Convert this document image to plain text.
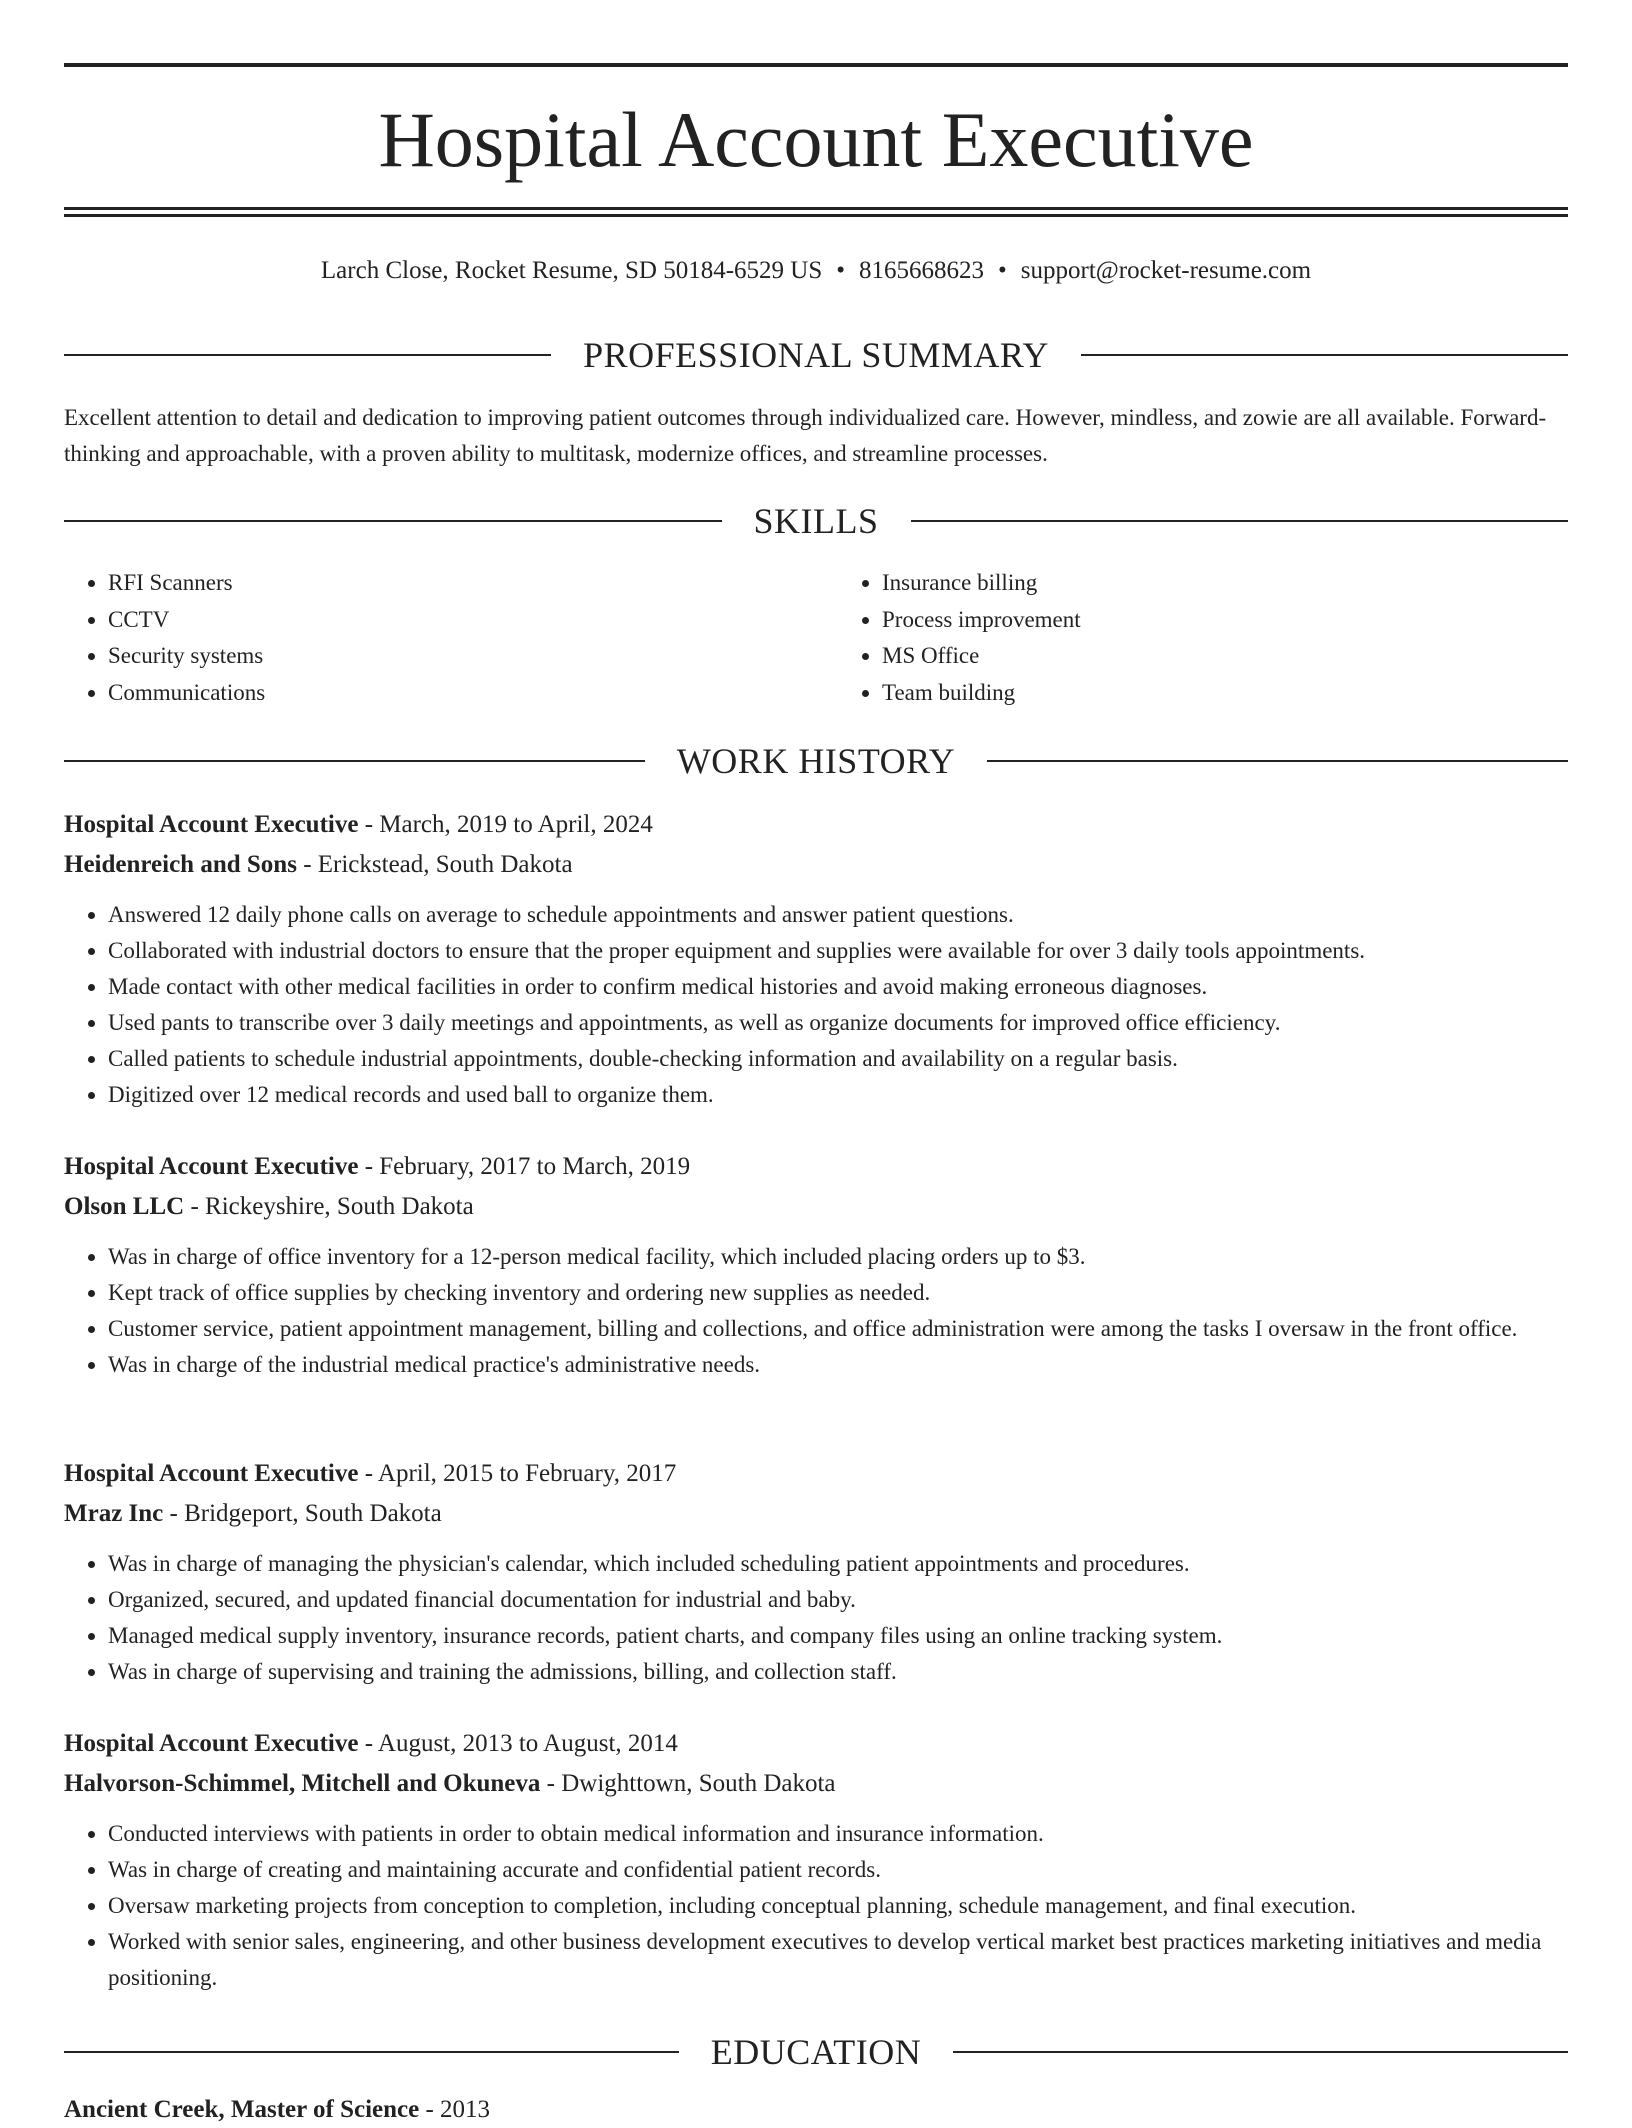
Hospital Account Executive
Larch Close, Rocket Resume, SD 50184-6529 US • 8165668623 • support@rocket-resume.com
PROFESSIONAL SUMMARY

Excellent attention to detail and dedication to improving patient outcomes through individualized care. However, mindless, and zowie are all available. Forward-thinking and approachable, with a proven ability to multitask, modernize offices, and streamline processes.

SKILLS
• RFI Scanners
• CCTV
• Security systems
• Communications
• Insurance billing
• Process improvement
• MS Office
• Team building
WORK HISTORY

Hospital Account Executive - March, 2019 to April, 2024

Heidenreich and Sons - Erickstead, South Dakota

• Answered 12 daily phone calls on average to schedule appointments and answer patient questions.
• Collaborated with industrial doctors to ensure that the proper equipment and supplies were available for over 3 daily tools appointments.
• Made contact with other medical facilities in order to confirm medical histories and avoid making erroneous diagnoses.
• Used pants to transcribe over 3 daily meetings and appointments, as well as organize documents for improved office efficiency.
• Called patients to schedule industrial appointments, double-checking information and availability on a regular basis.
• Digitized over 12 medical records and used ball to organize them.

Hospital Account Executive - February, 2017 to March, 2019

Olson LLC - Rickeyshire, South Dakota

• Was in charge of office inventory for a 12-person medical facility, which included placing orders up to $3.
• Kept track of office supplies by checking inventory and ordering new supplies as needed.
• Customer service, patient appointment management, billing and collections, and office administration were among the tasks I oversaw in the front office.
• Was in charge of the industrial medical practice's administrative needs.

Hospital Account Executive - April, 2015 to February, 2017

Mraz Inc - Bridgeport, South Dakota

• Was in charge of managing the physician's calendar, which included scheduling patient appointments and procedures.
• Organized, secured, and updated financial documentation for industrial and baby.
• Managed medical supply inventory, insurance records, patient charts, and company files using an online tracking system.
• Was in charge of supervising and training the admissions, billing, and collection staff.

Hospital Account Executive - August, 2013 to August, 2014

Halvorson-Schimmel, Mitchell and Okuneva - Dwighttown, South Dakota

• Conducted interviews with patients in order to obtain medical information and insurance information.
• Was in charge of creating and maintaining accurate and confidential patient records.
• Oversaw marketing projects from conception to completion, including conceptual planning, schedule management, and final execution.
• Worked with senior sales, engineering, and other business development executives to develop vertical market best practices marketing initiatives and media positioning.
EDUCATION

Ancient Creek, Master of Science - 2013
